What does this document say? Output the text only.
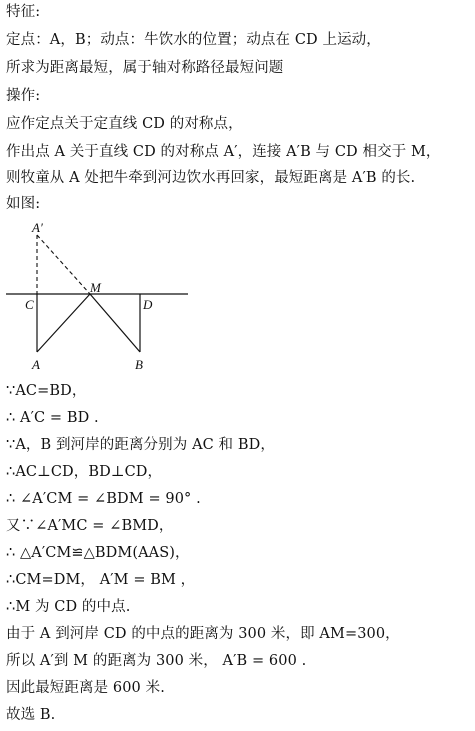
特征:
定点：A，B；动点：牛饮水的位置；动点在 CD 上运动，
所求为距离最短，属于轴对称路径最短问题
操作:
应作定点关于定直线 CD 的对称点，
作出点 A 关于直线 CD 的对称点 A′，连接 A′B 与 CD 相交于 M，
则牧童从 A 处把牛牵到河边饮水再回家，最短距离是 A′B 的长.
如图:
A′
C
M
D
A	B
∵AC=BD，
∴ A′C = BD .
∵A，B 到河岸的距离分别为 AC 和 BD，
∴AC⊥CD，BD⊥CD，
∴ ∠A′CM = ∠BDM = 90° .
又∵∠A′MC = ∠BMD，
∴ △A′CM≌△BDM(AAS)，
∴CM=DM， A′M = BM ，
∴M 为 CD 的中点.
由于 A 到河岸 CD 的中点的距离为 300 米，即 AM=300，
所以 A′到 M 的距离为 300 米， A′B = 600 .
因此最短距离是 600 米.
故选 B.
